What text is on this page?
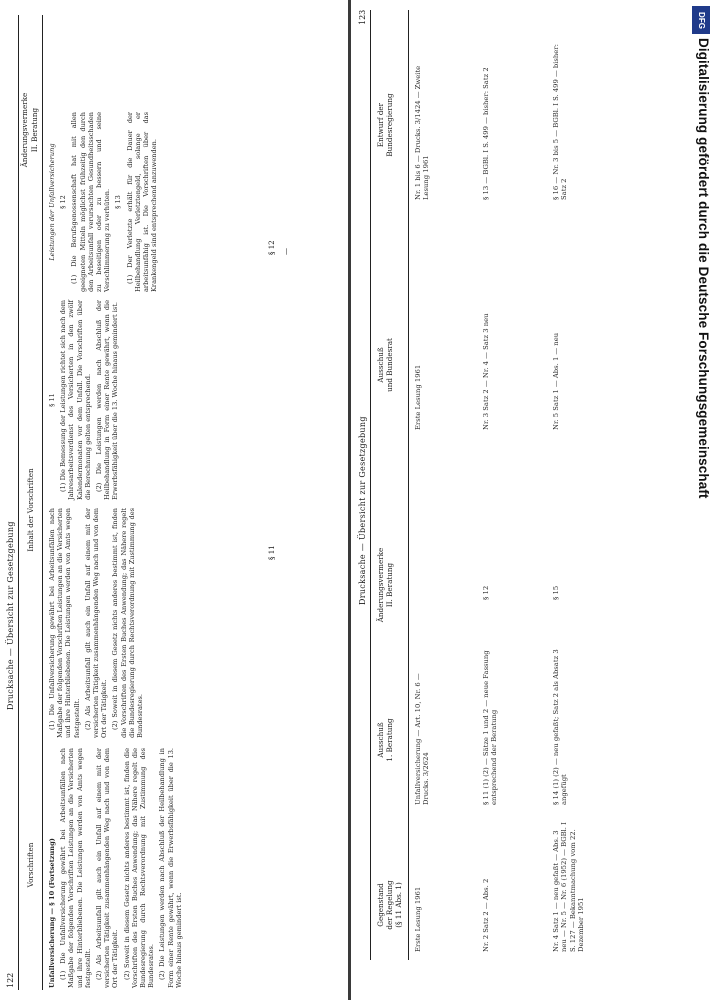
122
Drucksache — Übersicht zur Gesetzgebung
Vorschriften
Inhalt der Vorschriften
Änderungsvermerke II. Beratung

Unfallversicherung — § 10 (Fortsetzung) (1) Die Unfallversicherung gewährt bei Arbeitsunfällen nach Maßgabe der folgenden Vorschriften Leistungen an die Versicherten und ihre Hinterbliebenen. Die Leistungen werden von Amts wegen festgestellt. (2) Als Arbeitsunfall gilt auch ein Unfall auf einem mit der versicherten Tätigkeit zusammenhängenden Weg nach und von dem Ort der Tätigkeit. (2) Soweit in diesem Gesetz nichts anderes bestimmt ist, finden die Vorschriften des Ersten Buches Anwendung; das Nähere regelt die Bundesregierung durch Rechtsverordnung mit Zustimmung des Bundesrates. (2) Die Leistungen werden nach Abschluß der Heilbehandlung in Form einer Rente gewährt, wenn die Erwerbsfähigkeit über die 13. Woche hinaus gemindert ist.

(1) Die Unfallversicherung gewährt bei Arbeitsunfällen nach Maßgabe der folgenden Vorschriften Leistungen an die Versicherten und ihre Hinterbliebenen. Die Leistungen werden von Amts wegen festgestellt. (2) Als Arbeitsunfall gilt auch ein Unfall auf einem mit der versicherten Tätigkeit zusammenhängenden Weg nach und von dem Ort der Tätigkeit. (2) Soweit in diesem Gesetz nichts anderes bestimmt ist, finden die Vorschriften des Ersten Buches Anwendung; das Nähere regelt die Bundesregierung durch Rechtsverordnung mit Zustimmung des Bundesrates.

§ 11 (1) Die Bemessung der Leistungen richtet sich nach dem Jahresarbeitsverdienst des Versicherten in den zwölf Kalendermonaten vor dem Unfall. Die Vorschriften über die Berechnung gelten entsprechend. (2) Die Leistungen werden nach Abschluß der Heilbehandlung in Form einer Rente gewährt, wenn die Erwerbsfähigkeit über die 13. Woche hinaus gemindert ist.

Leistungen der Unfallversicherung § 12 (1) Die Berufsgenossenschaft hat mit allen geeigneten Mitteln möglichst frühzeitig den durch den Arbeitsunfall verursachten Gesundheitsschaden zu beseitigen oder zu bessern und seine Verschlimmerung zu verhüten. § 13 (1) Der Verletzte erhält für die Dauer der Heilbehandlung Verletztengeld, solange er arbeitsunfähig ist. Die Vorschriften über das Krankengeld sind entsprechend anzuwenden.

§ 11
§ 12 —
Drucksache — Übersicht zur Gesetzgebung
123
Gegenstand
der Regelung
(§ 11 Abs. 1)
Ausschuß
1. Beratung
Änderungsvermerke
II. Beratung
Ausschuß
und Bundesrat
Entwurf der
Bundesregierung
Erste Lesung 1961
Unfallversicherung — Art. 10, Nr. 6 — Drucks. 3/2624
Erste Lesung 1961
Nr. 1 bis 6 — Drucks. 3/1424 — Zweite Lesung 1961
Nr. 2 Satz 2 — Abs. 2
§ 11 (1) (2) — Sätze 1 und 2 — neue Fassung entsprechend der Beratung
§ 12
Nr. 3 Satz 2 — Nr. 4 — Satz 3 neu
§ 13 — BGBl. I S. 499 — bisher: Satz 2
Nr. 4 Satz 1 — neu gefaßt — Abs. 3 neu — Nr. 5 — Nr. 6 (1952) — BGBl. I S. 127 — Bekanntmachung vom 22. Dezember 1951
§ 14 (1) (2) — neu gefaßt; Satz 2 als Absatz 3 angefügt
§ 15
Nr. 5 Satz 1 — Abs. 1 — neu
§ 16 — Nr. 3 bis 5 — BGBl. I S. 499 — bisher: Satz 2
DFG
Digitalisierung gefördert durch die Deutsche Forschungsgemeinschaft
